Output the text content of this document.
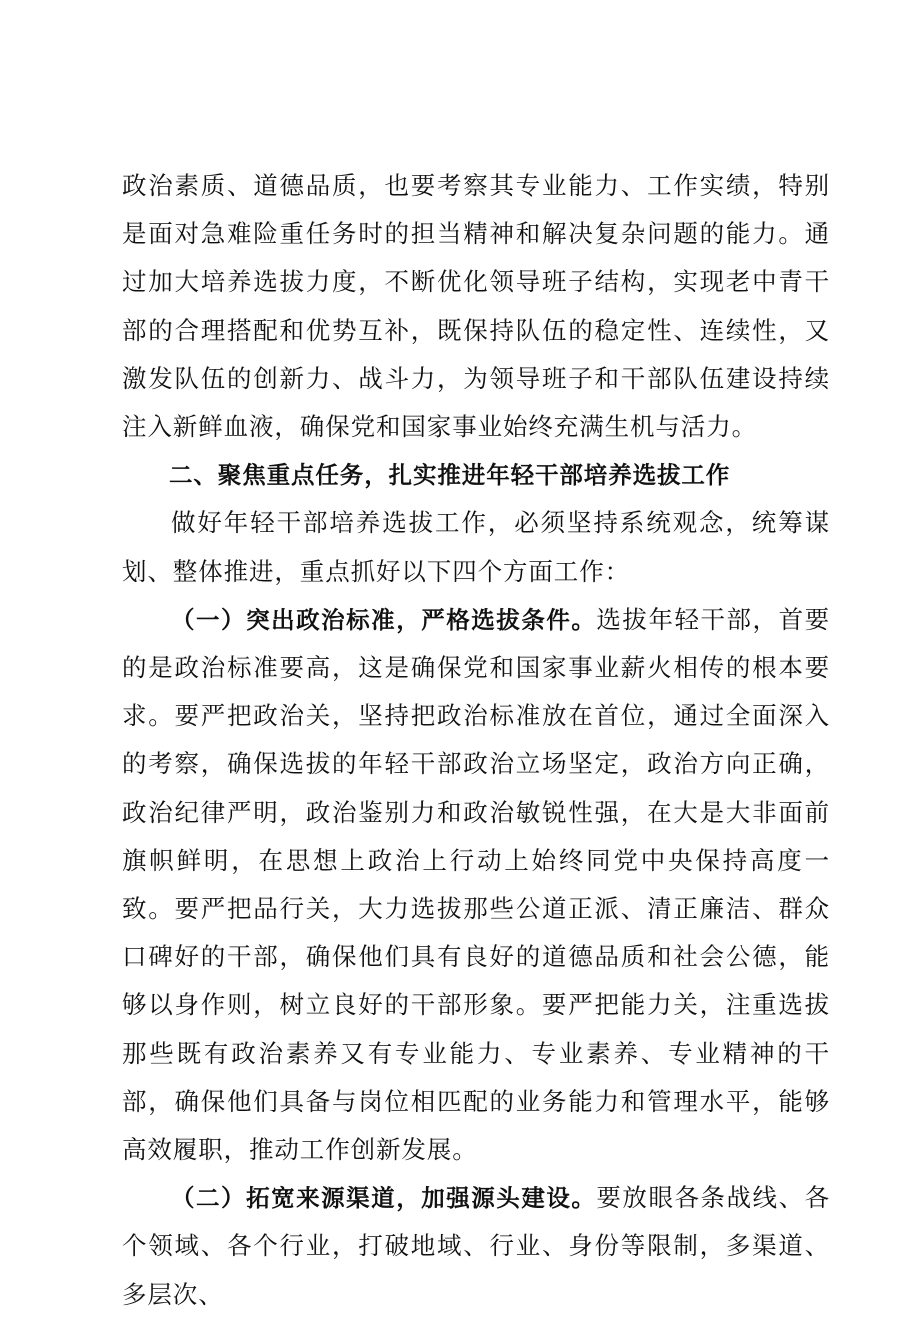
政治素质、道德品质，也要考察其专业能力、工作实绩，特别是面对急难险重任务时的担当精神和解决复杂问题的能力。通过加大培养选拔力度，不断优化领导班子结构，实现老中青干部的合理搭配和优势互补，既保持队伍的稳定性、连续性，又激发队伍的创新力、战斗力，为领导班子和干部队伍建设持续注入新鲜血液，确保党和国家事业始终充满生机与活力。

二、聚焦重点任务，扎实推进年轻干部培养选拔工作

做好年轻干部培养选拔工作，必须坚持系统观念，统筹谋划、整体推进，重点抓好以下四个方面工作：

（一）突出政治标准，严格选拔条件。选拔年轻干部，首要的是政治标准要高，这是确保党和国家事业薪火相传的根本要求。要严把政治关，坚持把政治标准放在首位，通过全面深入的考察，确保选拔的年轻干部政治立场坚定，政治方向正确，政治纪律严明，政治鉴别力和政治敏锐性强，在大是大非面前旗帜鲜明，在思想上政治上行动上始终同党中央保持高度一致。要严把品行关，大力选拔那些公道正派、清正廉洁、群众口碑好的干部，确保他们具有良好的道德品质和社会公德，能够以身作则，树立良好的干部形象。要严把能力关，注重选拔那些既有政治素养又有专业能力、专业素养、专业精神的干部，确保他们具备与岗位相匹配的业务能力和管理水平，能够高效履职，推动工作创新发展。

（二）拓宽来源渠道，加强源头建设。要放眼各条战线、各个领域、各个行业，打破地域、行业、身份等限制，多渠道、多层次、
